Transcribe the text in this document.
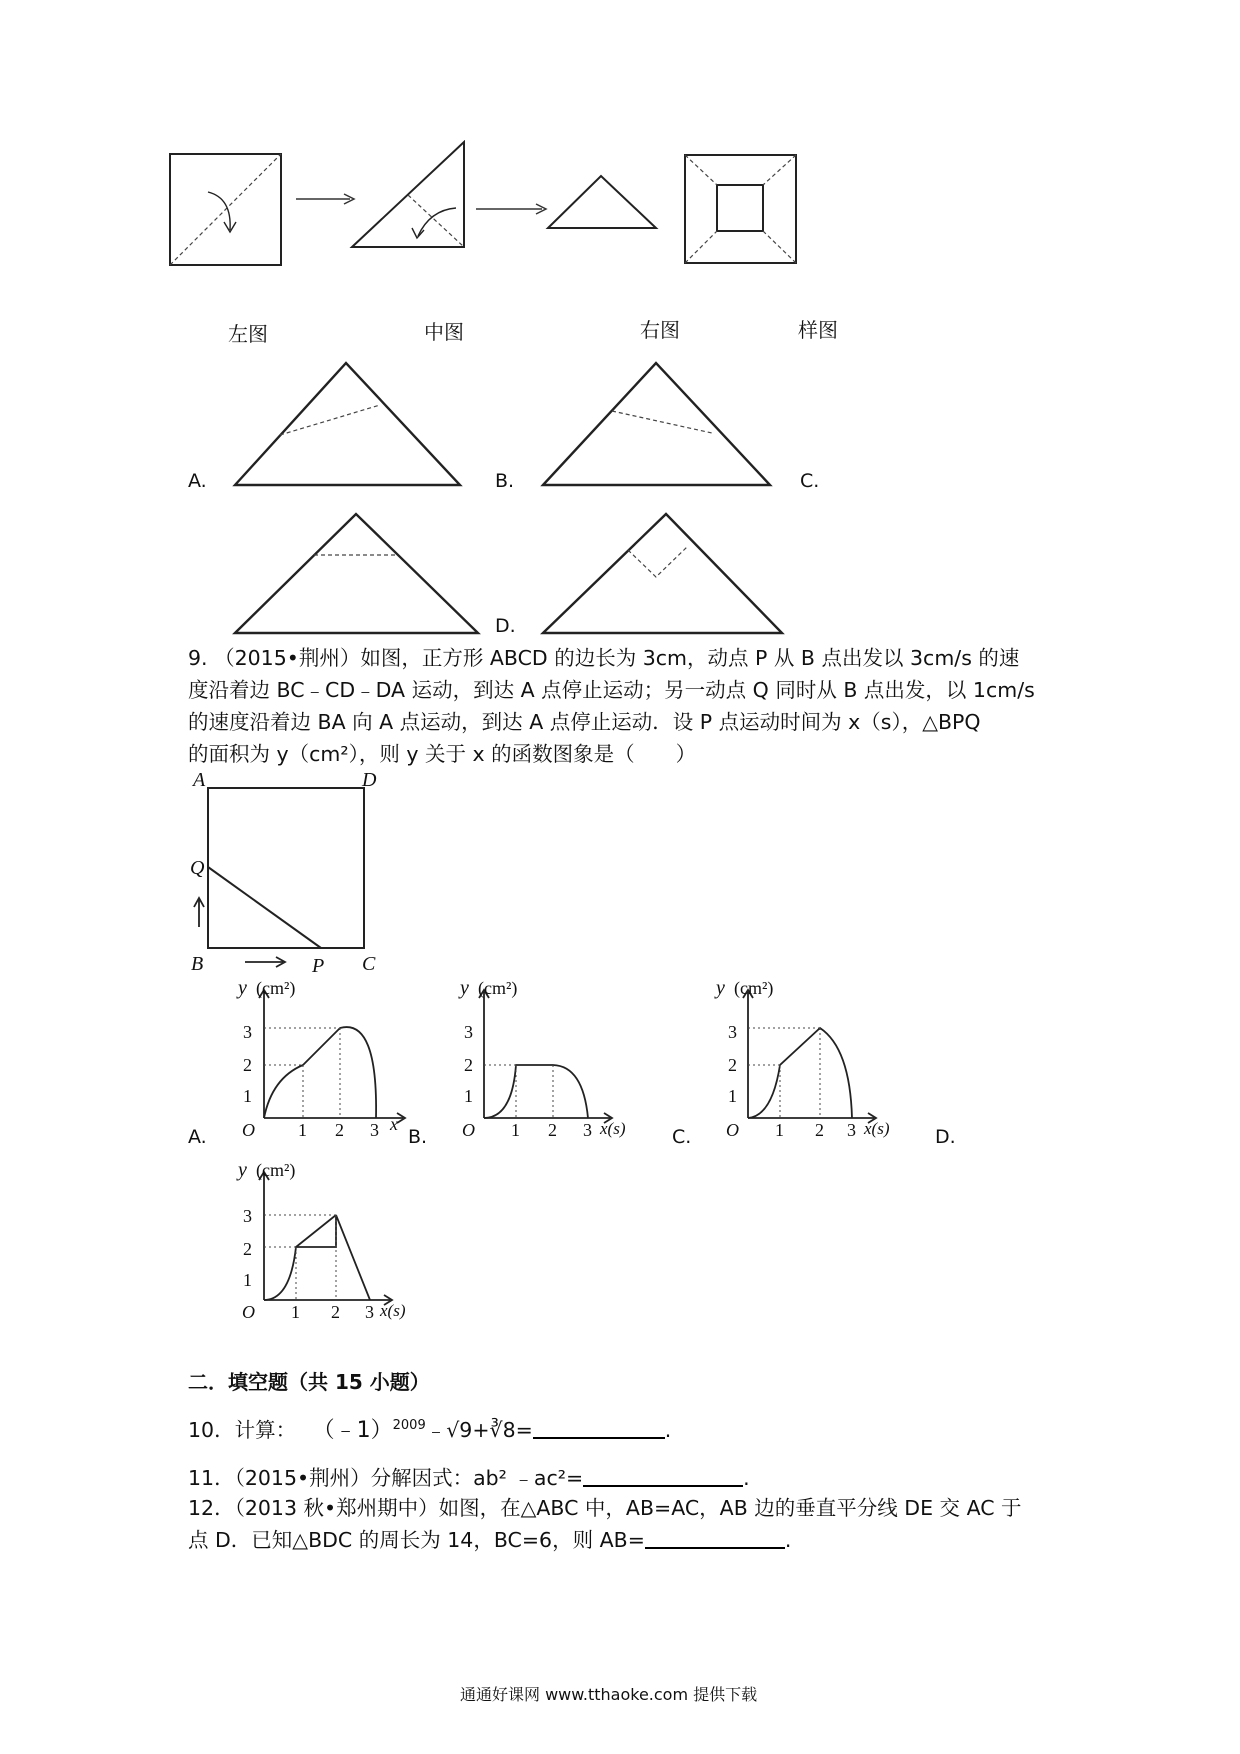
左图	中图	右图	样图
A.	B.	C.
D.
9. （2015•荆州）如图，正方形 ABCD 的边长为 3cm，动点 P 从 B 点出发以 3cm/s 的速
度沿着边 BC﹣CD﹣DA 运动，到达 A 点停止运动；另一动点 Q 同时从 B 点出发，以 1cm/s
的速度沿着边 BA 向 A 点运动，到达 A 点停止运动．设 P 点运动时间为 x（s），△BPQ
的面积为 y（cm²），则 y 关于 x 的函数图象是（　　）
A	D
Q
B	P C
y (cm²)
3
2
1
O 1 2 3 x
y (cm²)
3
2
1
O 1 2 3 x(s)
y (cm²)
3
2
1
O 1 2 3 x(s)
y (cm²)
3
2
1
O 1 2 3 x(s)
A.	B.	C.	D.
二．填空题（共 15 小题）
10．计算： （﹣1）$^{2009}$﹣√9+∛8=	.
11．（2015•荆州）分解因式：ab² ﹣ac²=	.
12．（2013 秋•郑州期中）如图，在△ABC 中，AB=AC，AB 边的垂直平分线 DE 交 AC 于
点 D．已知△BDC 的周长为 14，BC=6，则 AB=	.
通通好课网 www.tthaoke.com 提供下载
